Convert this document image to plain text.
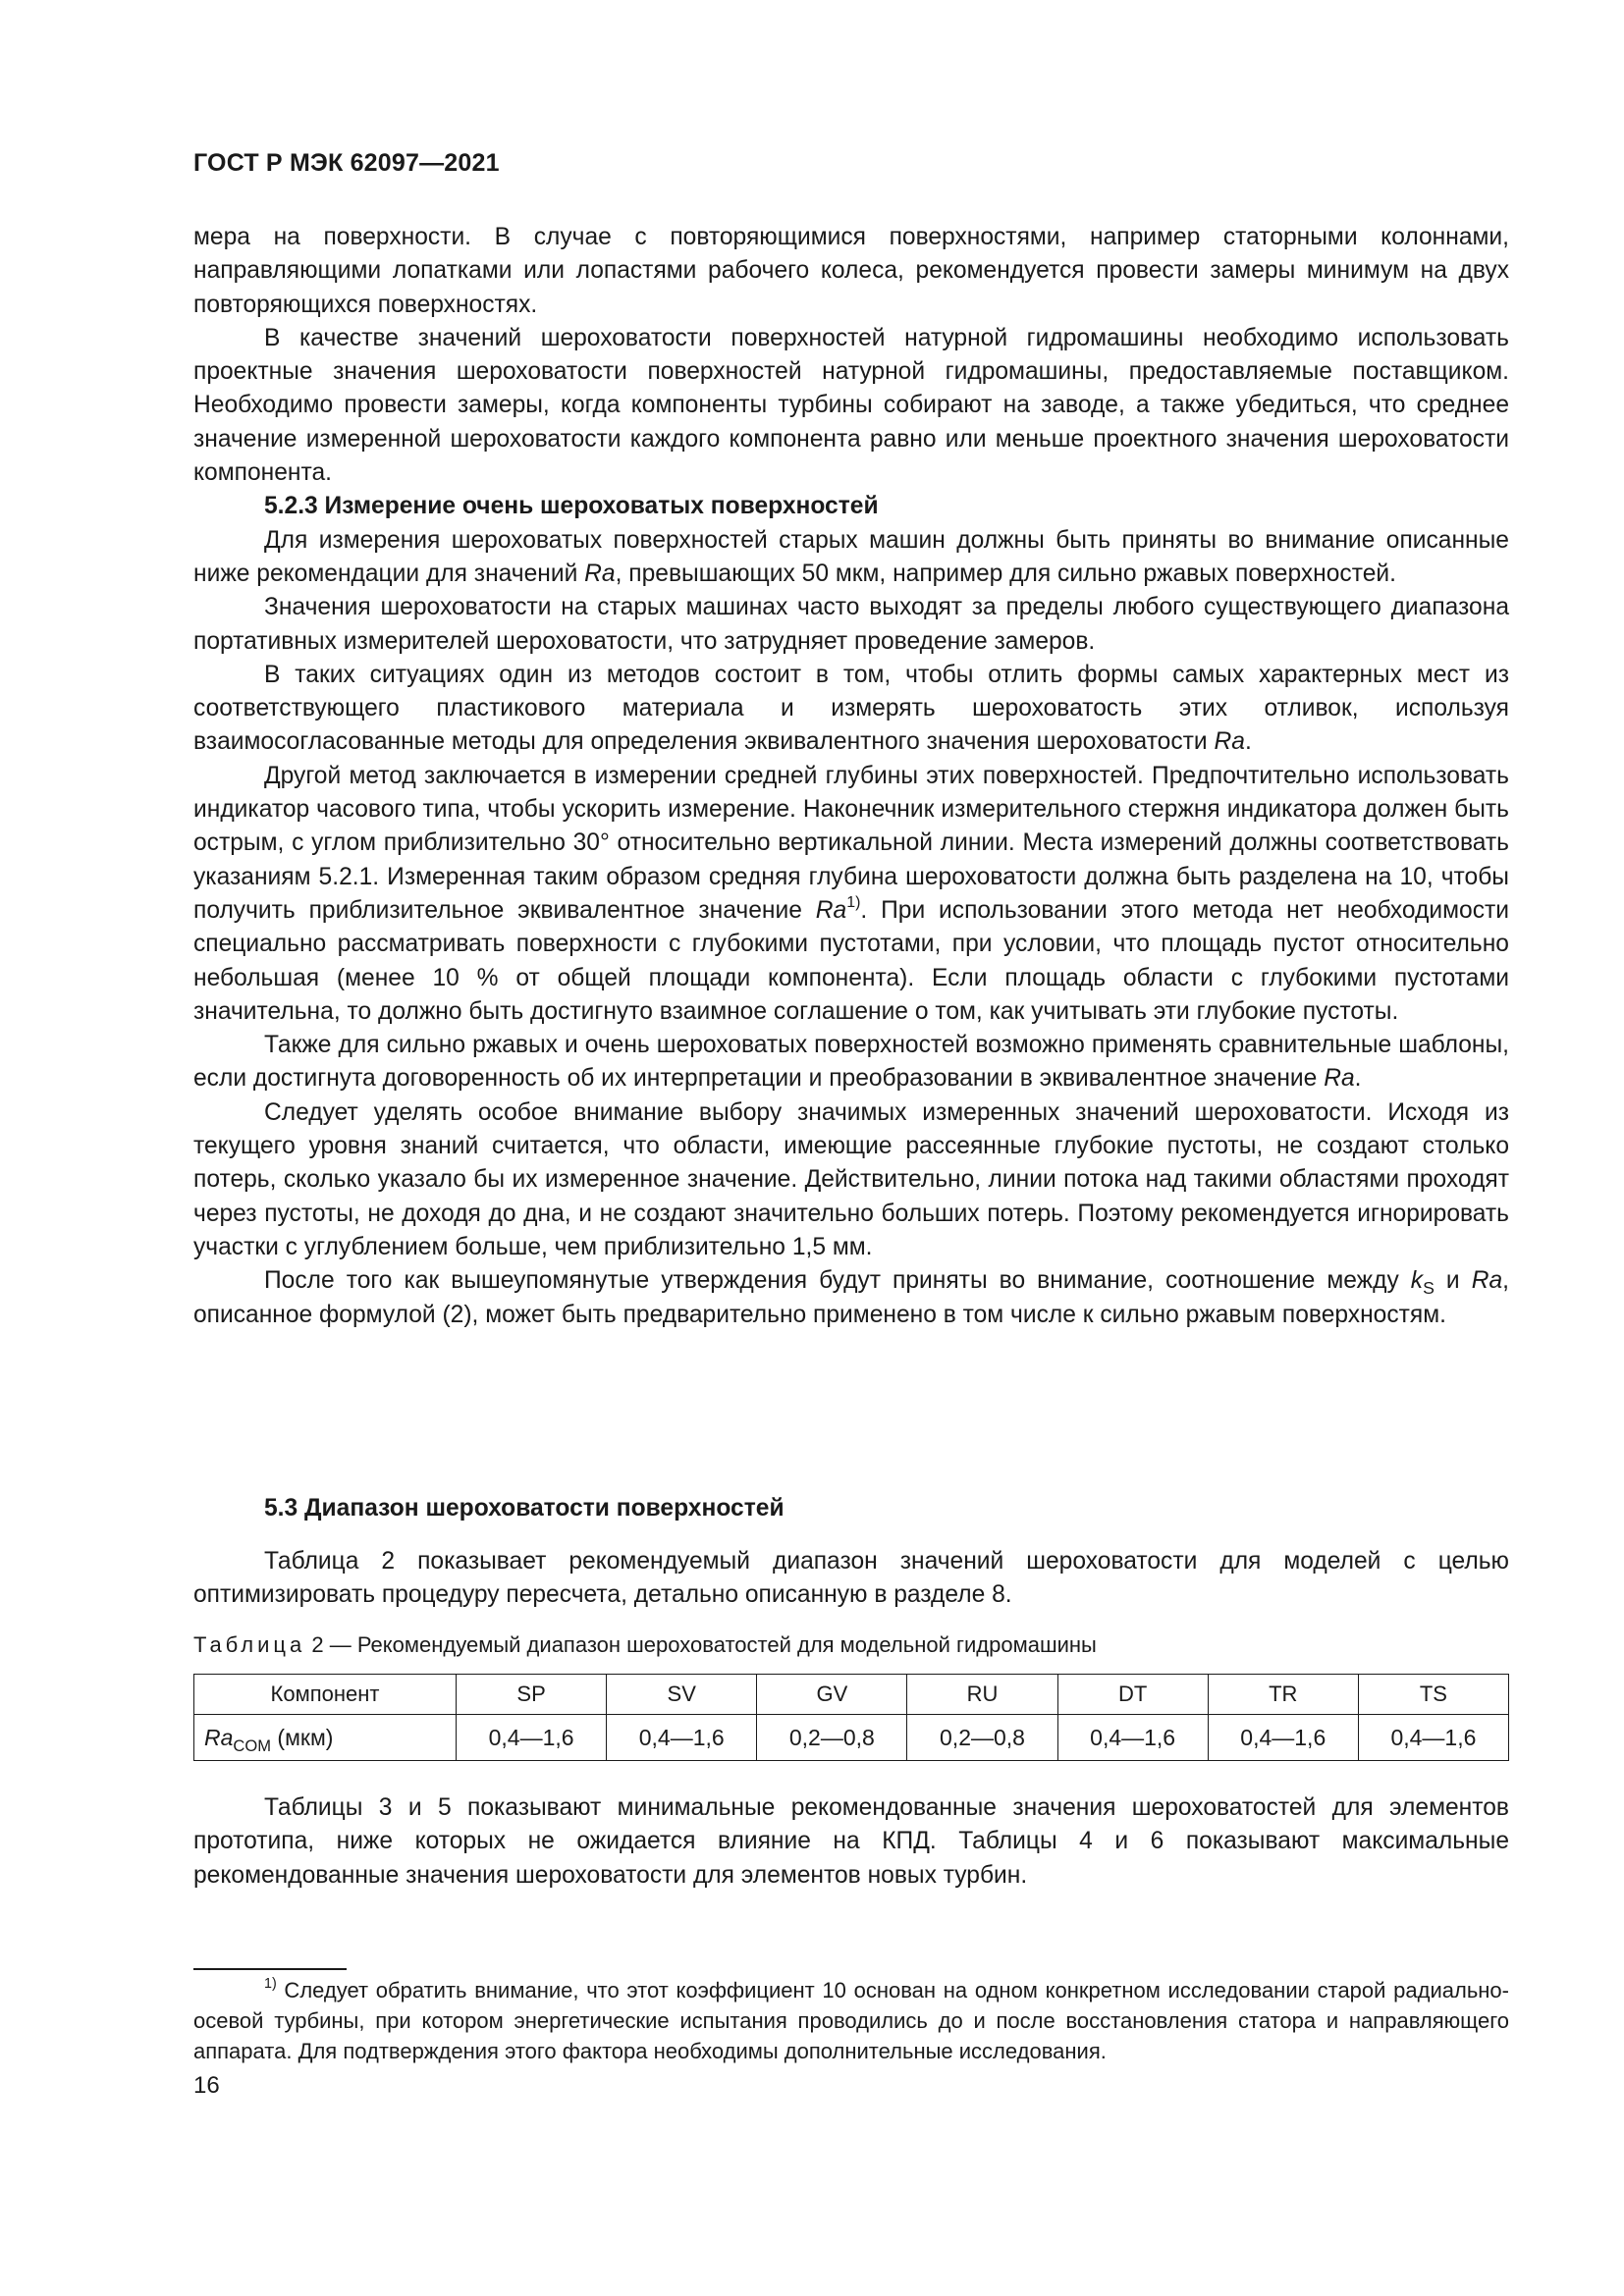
ГОСТ Р МЭК 62097—2021

мера на поверхности. В случае с повторяющимися поверхностями, например статорными колоннами, направляющими лопатками или лопастями рабочего колеса, рекомендуется провести замеры минимум на двух повторяющихся поверхностях.

В качестве значений шероховатости поверхностей натурной гидромашины необходимо использовать проектные значения шероховатости поверхностей натурной гидромашины, предоставляемые поставщиком. Необходимо провести замеры, когда компоненты турбины собирают на заводе, а также убедиться, что среднее значение измеренной шероховатости каждого компонента равно или меньше проектного значения шероховатости компонента.

5.2.3 Измерение очень шероховатых поверхностей

Для измерения шероховатых поверхностей старых машин должны быть приняты во внимание описанные ниже рекомендации для значений Ra, превышающих 50 мкм, например для сильно ржавых поверхностей.

Значения шероховатости на старых машинах часто выходят за пределы любого существующего диапазона портативных измерителей шероховатости, что затрудняет проведение замеров.

В таких ситуациях один из методов состоит в том, чтобы отлить формы самых характерных мест из соответствующего пластикового материала и измерять шероховатость этих отливок, используя взаимосогласованные методы для определения эквивалентного значения шероховатости Ra.

Другой метод заключается в измерении средней глубины этих поверхностей. Предпочтительно использовать индикатор часового типа, чтобы ускорить измерение. Наконечник измерительного стержня индикатора должен быть острым, с углом приблизительно 30° относительно вертикальной линии. Места измерений должны соответствовать указаниям 5.2.1. Измеренная таким образом средняя глубина шероховатости должна быть разделена на 10, чтобы получить приблизительное эквивалентное значение Ra$^{1)}$. При использовании этого метода нет необходимости специально рассматривать поверхности с глубокими пустотами, при условии, что площадь пустот относительно небольшая (менее 10 % от общей площади компонента). Если площадь области с глубокими пустотами значительна, то должно быть достигнуто взаимное соглашение о том, как учитывать эти глубокие пустоты.

Также для сильно ржавых и очень шероховатых поверхностей возможно применять сравнительные шаблоны, если достигнута договоренность об их интерпретации и преобразовании в эквивалентное значение Ra.

Следует уделять особое внимание выбору значимых измеренных значений шероховатости. Исходя из текущего уровня знаний считается, что области, имеющие рассеянные глубокие пустоты, не создают столько потерь, сколько указало бы их измеренное значение. Действительно, линии потока над такими областями проходят через пустоты, не доходя до дна, и не создают значительно больших потерь. Поэтому рекомендуется игнорировать участки с углублением больше, чем приблизительно 1,5 мм.

После того как вышеупомянутые утверждения будут приняты во внимание, соотношение между $k_S$ и Ra, описанное формулой (2), может быть предварительно применено в том числе к сильно ржавым поверхностям.

5.3 Диапазон шероховатости поверхностей

Таблица 2 показывает рекомендуемый диапазон значений шероховатости для моделей с целью оптимизировать процедуру пересчета, детально описанную в разделе 8.

Таблица 2 — Рекомендуемый диапазон шероховатостей для модельной гидромашины
Компонент	SP	SV	GV	RU	DT	TR	TS
$Ra_{COM}$ (мкм)	0,4—1,6	0,4—1,6	0,2—0,8	0,2—0,8	0,4—1,6	0,4—1,6	0,4—1,6

Таблицы 3 и 5 показывают минимальные рекомендованные значения шероховатостей для элементов прототипа, ниже которых не ожидается влияние на КПД. Таблицы 4 и 6 показывают максимальные рекомендованные значения шероховатости для элементов новых турбин.

$^{1)}$ Следует обратить внимание, что этот коэффициент 10 основан на одном конкретном исследовании старой радиально-осевой турбины, при котором энергетические испытания проводились до и после восстановления статора и направляющего аппарата. Для подтверждения этого фактора необходимы дополнительные исследования.

16
